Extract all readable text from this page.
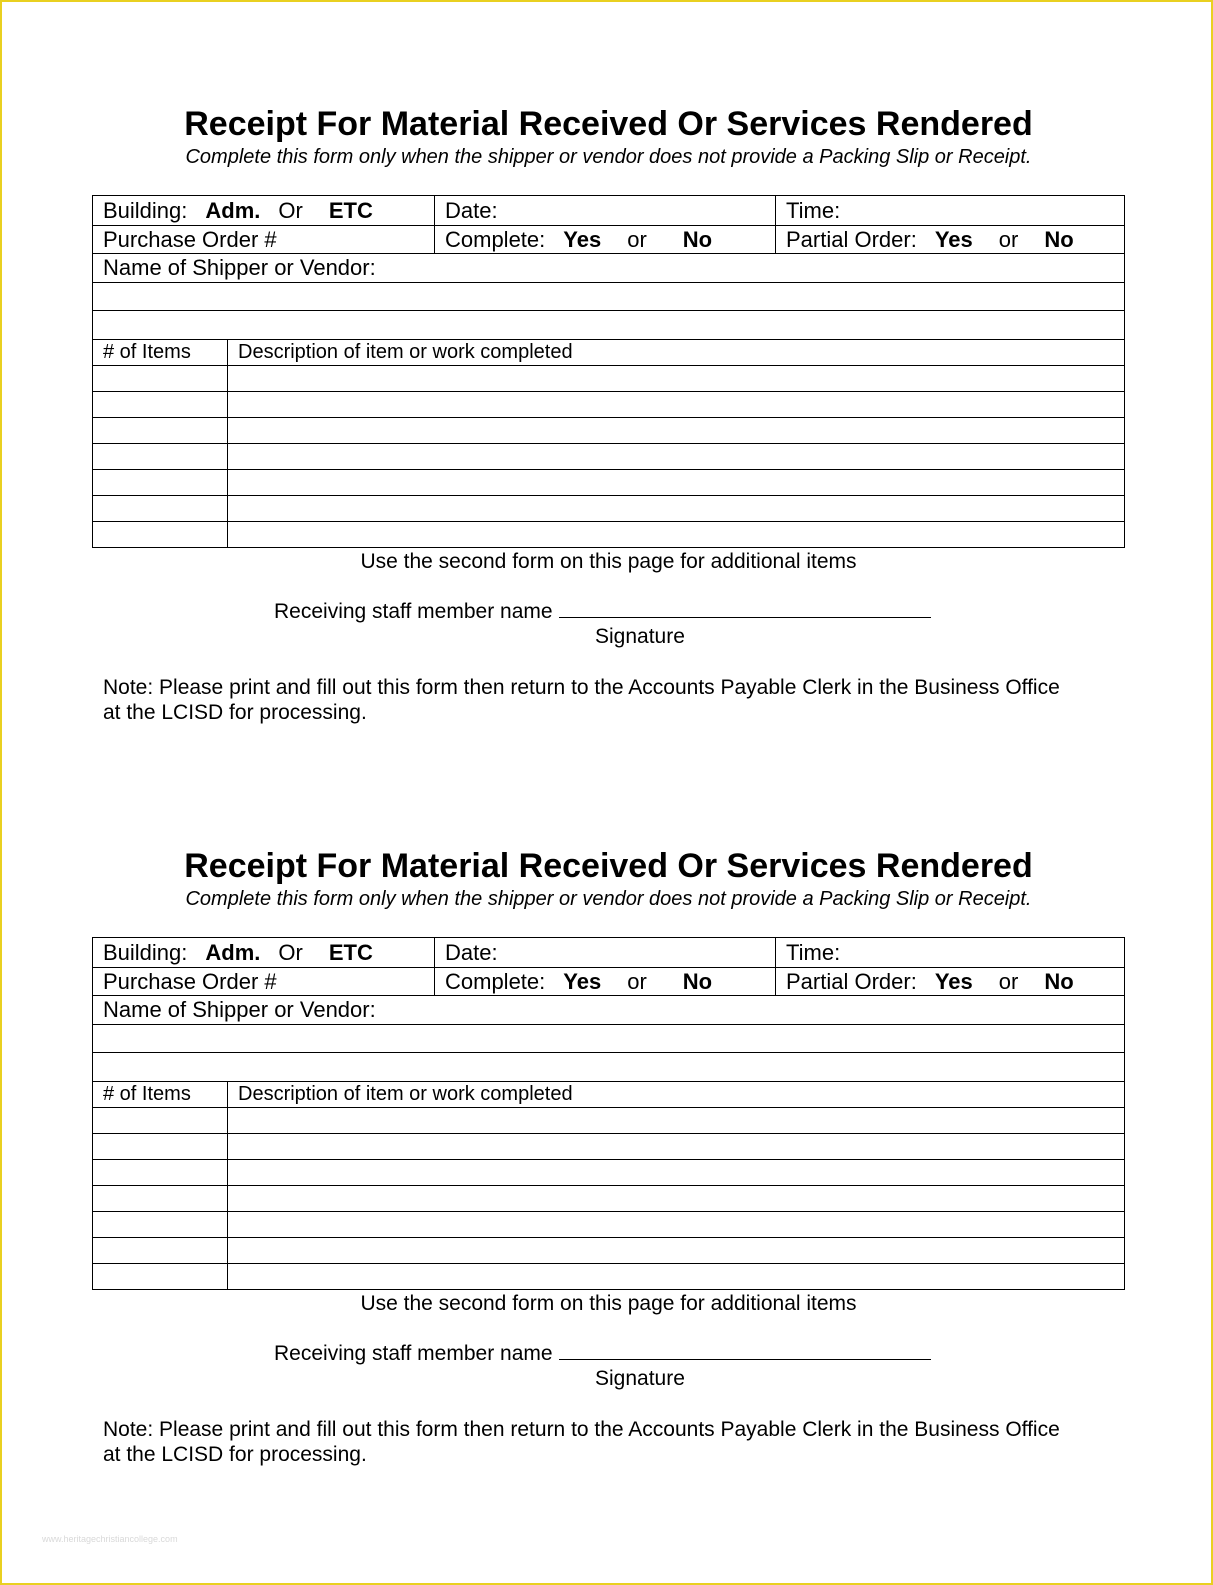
Receipt For Material Received Or Services Rendered
Complete this form only when the shipper or vendor does not provide a Packing Slip or Receipt.
Building: Adm. Or ETC	Date:	Time:
Purchase Order #	Complete: Yes or No	Partial Order: Yes or No
Name of Shipper or Vendor:
# of Items	Description of item or work completed
Use the second form on this page for additional items
Receiving staff member name
Signature
Note: Please print and fill out this form then return to the Accounts Payable Clerk in the Business Office
at the LCISD for processing.
Receipt For Material Received Or Services Rendered
Complete this form only when the shipper or vendor does not provide a Packing Slip or Receipt.
Building: Adm. Or ETC	Date:	Time:
Purchase Order #	Complete: Yes or No	Partial Order: Yes or No
Name of Shipper or Vendor:
# of Items	Description of item or work completed
Use the second form on this page for additional items
Receiving staff member name
Signature
Note: Please print and fill out this form then return to the Accounts Payable Clerk in the Business Office
at the LCISD for processing.
www.heritagechristiancollege.com
